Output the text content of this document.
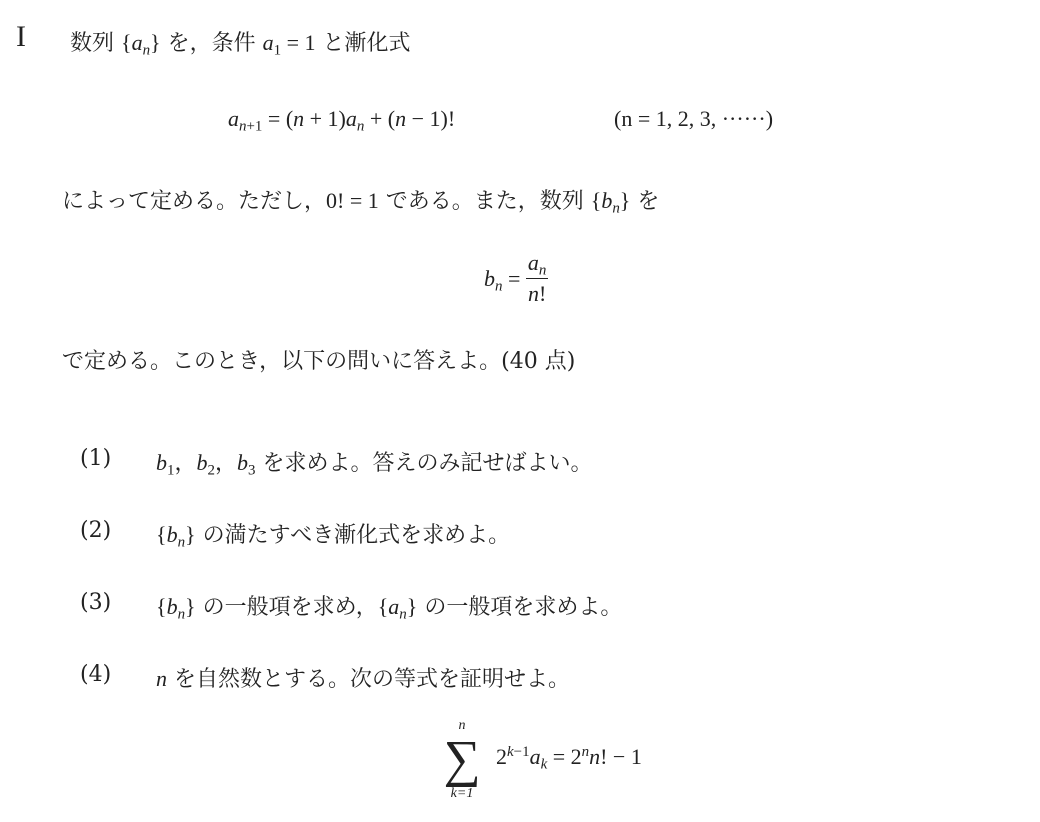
I 数列 $\{a_n\}$ を，条件 $a_1 = 1$ と漸化式
$a_{n+1} = (n + 1)a_n + (n - 1)$!	(n = 1, 2, 3, ······)
によって定める。ただし，0! = 1 である。また，数列 $\{b_n\}$ を
$b_n = \frac{a_n}{n!}$
で定める。このとき，以下の問いに答えよ。(40 点)
(1) $b_1$，$b_2$，$b_3$ を求めよ。答えのみ記せばよい。
(2) $\{b_n\}$ の満たすべき漸化式を求めよ。
(3) $\{b_n\}$ の一般項を求め，$\{a_n\}$ の一般項を求めよ。
(4) n を自然数とする。次の等式を証明せよ。
n
∑
k=1
$2^{k-1}a_k = 2^nn$! − 1
